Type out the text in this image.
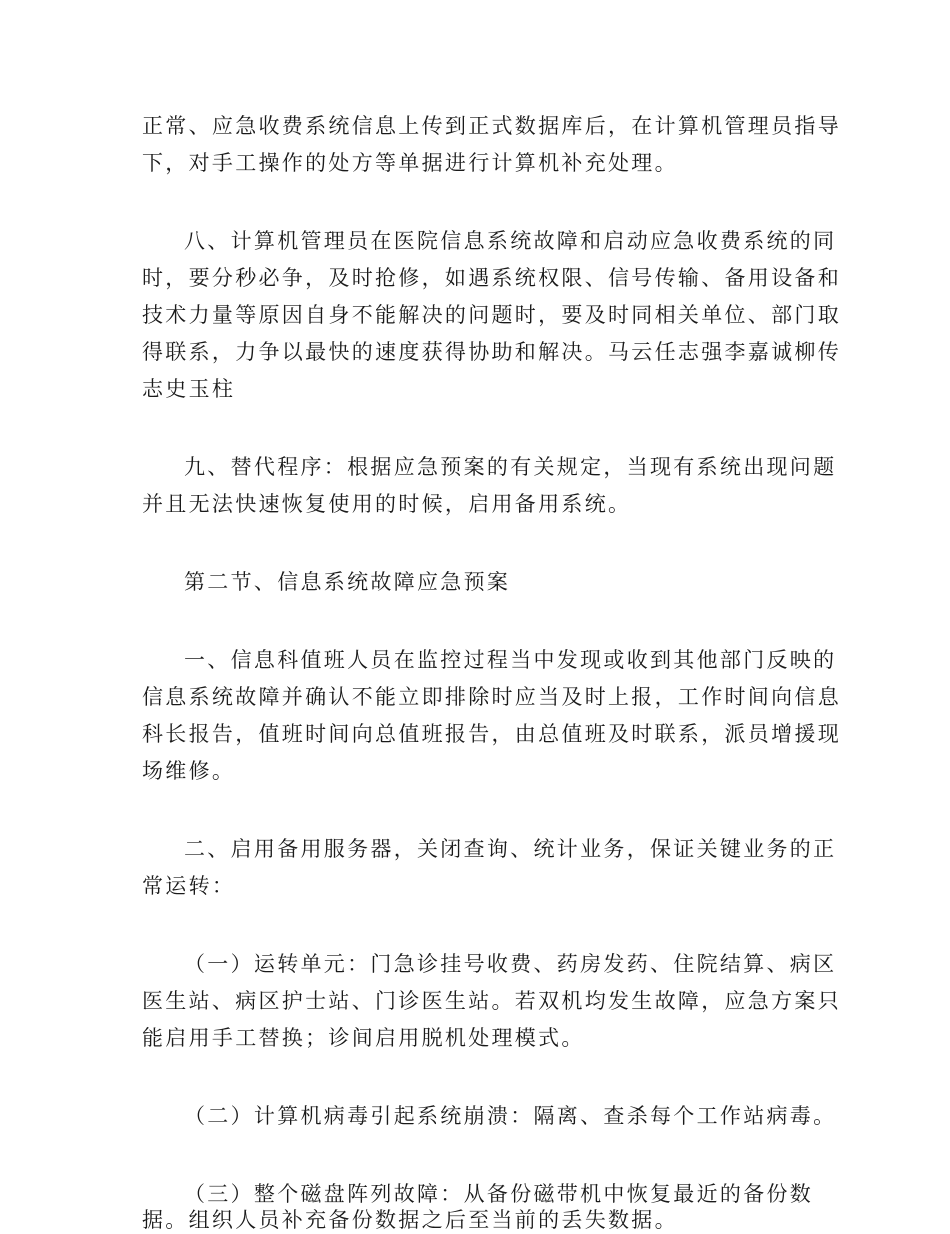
正常、应急收费系统信息上传到正式数据库后，在计算机管理员指导
下，对手工操作的处方等单据进行计算机补充处理。
八、计算机管理员在医院信息系统故障和启动应急收费系统的同
时，要分秒必争，及时抢修，如遇系统权限、信号传输、备用设备和
技术力量等原因自身不能解决的问题时，要及时同相关单位、部门取
得联系，力争以最快的速度获得协助和解决。马云任志强李嘉诚柳传
志史玉柱
九、替代程序：根据应急预案的有关规定，当现有系统出现问题
并且无法快速恢复使用的时候，启用备用系统。
第二节、信息系统故障应急预案
一、信息科值班人员在监控过程当中发现或收到其他部门反映的
信息系统故障并确认不能立即排除时应当及时上报，工作时间向信息
科长报告，值班时间向总值班报告，由总值班及时联系，派员增援现
场维修。
二、启用备用服务器，关闭查询、统计业务，保证关键业务的正
常运转：
（一）运转单元：门急诊挂号收费、药房发药、住院结算、病区
医生站、病区护士站、门诊医生站。若双机均发生故障，应急方案只
能启用手工替换；诊间启用脱机处理模式。
（二）计算机病毒引起系统崩溃：隔离、查杀每个工作站病毒。
（三）整个磁盘阵列故障：从备份磁带机中恢复最近的备份数
据。组织人员补充备份数据之后至当前的丢失数据。
